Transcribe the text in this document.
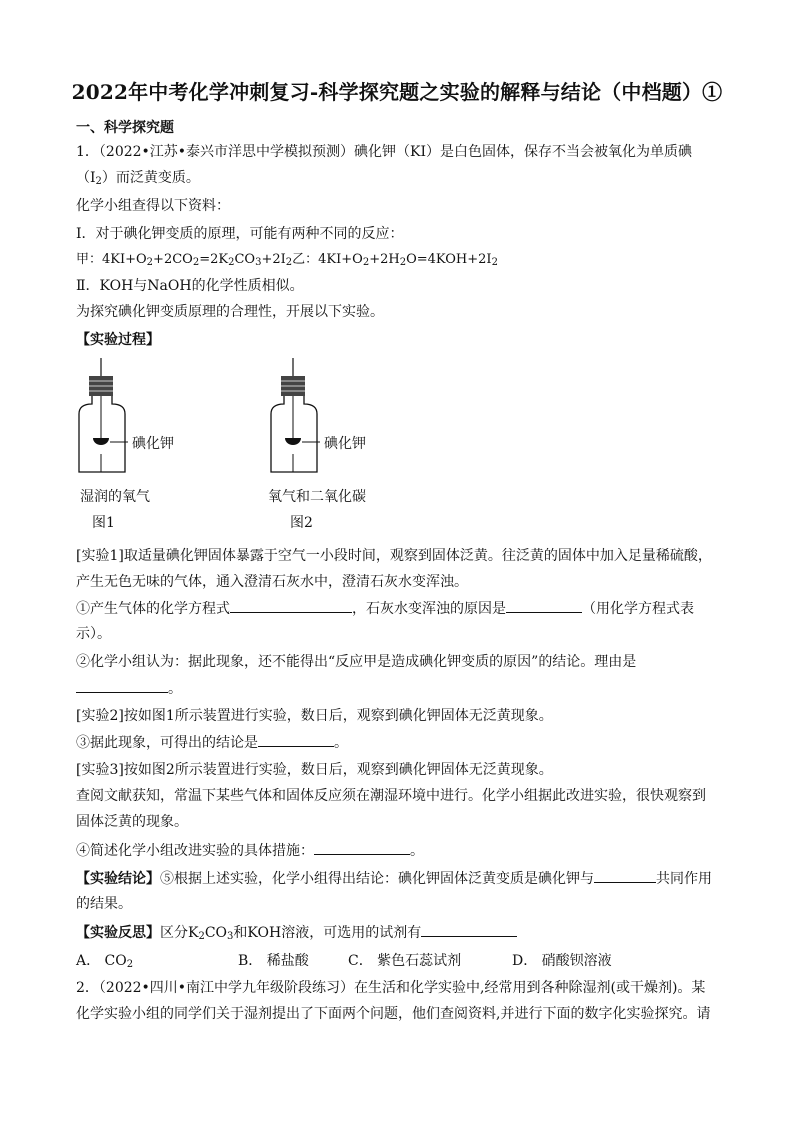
2022年中考化学冲刺复习-科学探究题之实验的解释与结论（中档题）①
一、科学探究题
1．（2022•江苏•泰兴市洋思中学模拟预测）碘化钾（KI）是白色固体，保存不当会被氧化为单质碘
$(I_2)$而泛黄变质。
化学小组查得以下资料：
I．对于碘化钾变质的原理，可能有两种不同的反应：
甲：$4KI+O_2+2CO_2=2K_2CO_3+2I_2$乙：$4KI+O_2+2H_2O=4KOH+2I_2$
Ⅱ．KOH与NaOH的化学性质相似。
为探究碘化钾变质原理的合理性，开展以下实验。
【实验过程】
碘化钾
湿润的氧气
图1
碘化钾
氧气和二氧化碳
图2
[实验1]取适量碘化钾固体暴露于空气一小段时间，观察到固体泛黄。往泛黄的固体中加入足量稀硫酸，
产生无色无味的气体，通入澄清石灰水中，澄清石灰水变浑浊。
①产生气体的化学方程式	，石灰水变浑浊的原因是	（用化学方程式表
示）。
②化学小组认为：据此现象，还不能得出“反应甲是造成碘化钾变质的原因”的结论。理由是
。
[实验2]按如图1所示装置进行实验，数日后，观察到碘化钾固体无泛黄现象。
③据此现象，可得出的结论是	。
[实验3]按如图2所示装置进行实验，数日后，观察到碘化钾固体无泛黄现象。
查阅文献获知，常温下某些气体和固体反应须在潮湿环境中进行。化学小组据此改进实验，很快观察到
固体泛黄的现象。
④简述化学小组改进实验的具体措施：	。
【实验结论】⑤根据上述实验，化学小组得出结论：碘化钾固体泛黄变质是碘化钾与	共同作用
的结果。
【实验反思】区分$K_2CO_3$和KOH溶液，可选用的试剂有
A． $CO_2$	B． 稀盐酸	C． 紫色石蕊试剂	D． 硝酸钡溶液
2．（2022•四川•南江中学九年级阶段练习）在生活和化学实验中,经常用到各种除湿剂(或干燥剂)。某
化学实验小组的同学们关于湿剂提出了下面两个问题，他们查阅资料,并进行下面的数字化实验探究。请
